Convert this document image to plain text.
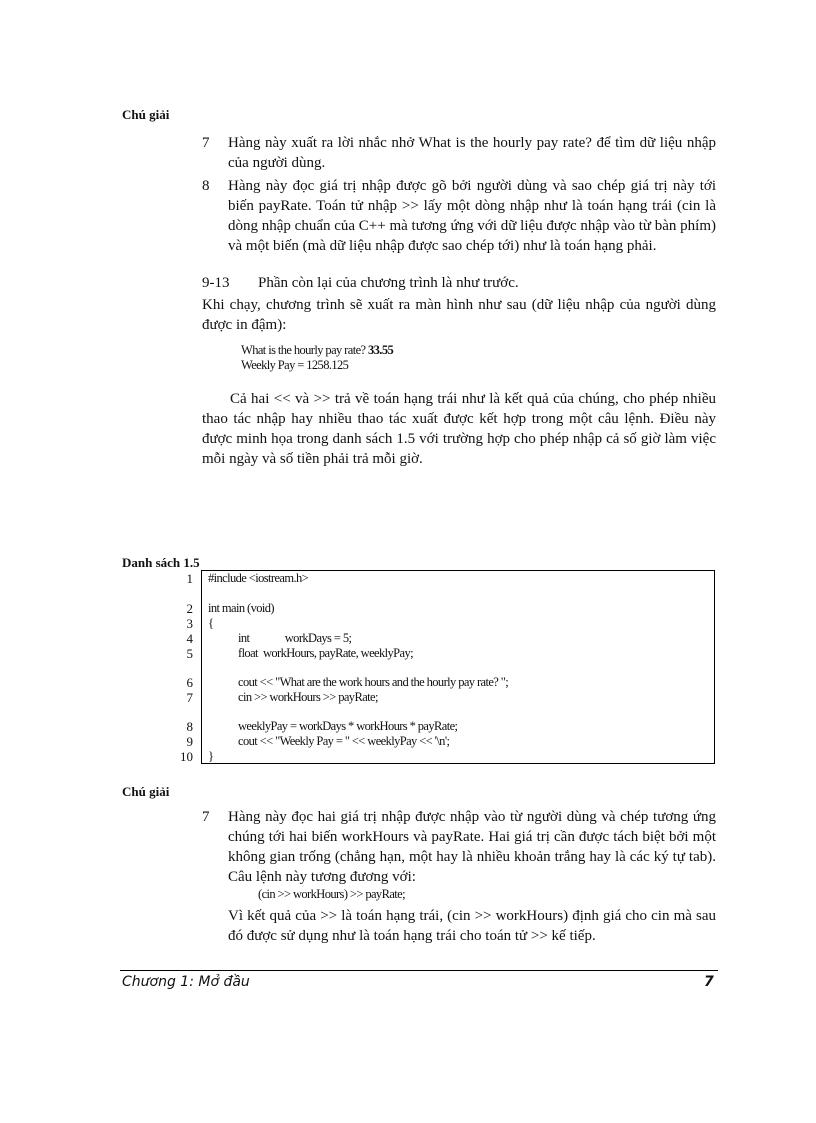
Chú giải
7 Hàng này xuất ra lời nhắc nhở What is the hourly pay rate? để tìm dữ liệu nhập của người dùng.
8 Hàng này đọc giá trị nhập được gõ bởi người dùng và sao chép giá trị này tới biến payRate. Toán tử nhập >> lấy một dòng nhập như là toán hạng trái (cin là dòng nhập chuẩn của C++ mà tương ứng với dữ liệu được nhập vào từ bàn phím) và một biến (mà dữ liệu nhập được sao chép tới) như là toán hạng phải.
9-13 Phần còn lại của chương trình là như trước.
Khi chạy, chương trình sẽ xuất ra màn hình như sau (dữ liệu nhập của người dùng được in đậm):
What is the hourly pay rate? 33.55
Weekly Pay = 1258.125
Cả hai << và >> trả về toán hạng trái như là kết quả của chúng, cho phép nhiều thao tác nhập hay nhiều thao tác xuất được kết hợp trong một câu lệnh. Điều này được minh họa trong danh sách 1.5 với trường hợp cho phép nhập cả số giờ làm việc mỗi ngày và số tiền phải trả mỗi giờ.
Danh sách 1.5
1 #include <iostream.h>
2 int main (void)
3 {
4	int              workDays = 5;
5	float  workHours, payRate, weeklyPay;
6	cout << "What are the work hours and the hourly pay rate? ";
7	cin >> workHours >> payRate;
8	weeklyPay = workDays * workHours * payRate;
9	cout << "Weekly Pay = " << weeklyPay << '\n';
10 }
Chú giải
7 Hàng này đọc hai giá trị nhập được nhập vào từ người dùng và chép tương ứng chúng tới hai biến workHours và payRate. Hai giá trị cần được tách biệt bởi một không gian trống (chẳng hạn, một hay là nhiều khoản trắng hay là các ký tự tab). Câu lệnh này tương đương với:
(cin >> workHours) >> payRate;
Vì kết quả của >> là toán hạng trái, (cin >> workHours) định giá cho cin mà sau đó được sử dụng như là toán hạng trái cho toán tử >> kế tiếp.
Chương 1: Mở đầu	7
